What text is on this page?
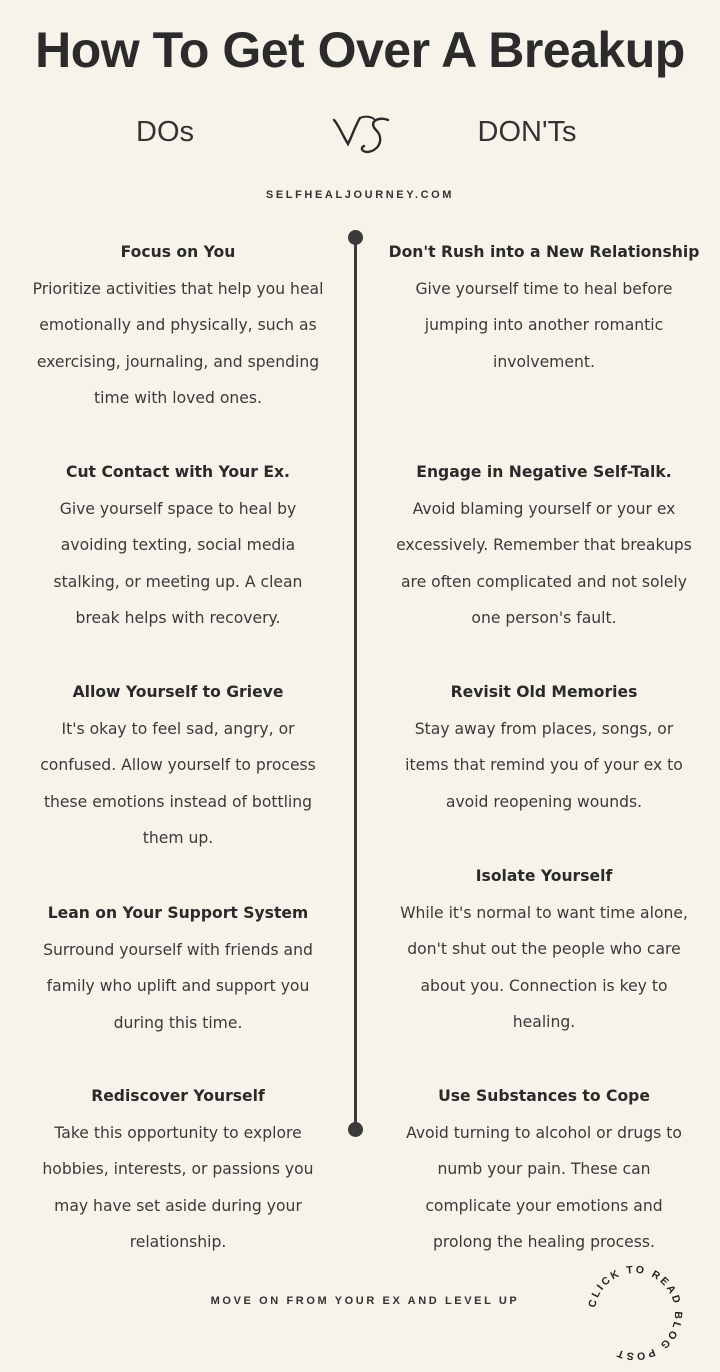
How To Get Over A Breakup
DOs	DON'Ts
SELFHEALJOURNEY.COM
Focus on You
Prioritize activities that help you heal
emotionally and physically, such as
exercising, journaling, and spending
time with loved ones.
Cut Contact with Your Ex.
Give yourself space to heal by
avoiding texting, social media
stalking, or meeting up. A clean
break helps with recovery.
Allow Yourself to Grieve
It's okay to feel sad, angry, or
confused. Allow yourself to process
these emotions instead of bottling
them up.
Lean on Your Support System
Surround yourself with friends and
family who uplift and support you
during this time.
Rediscover Yourself
Take this opportunity to explore
hobbies, interests, or passions you
may have set aside during your
relationship.
Don't Rush into a New Relationship
Give yourself time to heal before
jumping into another romantic
involvement.
Engage in Negative Self-Talk.
Avoid blaming yourself or your ex
excessively. Remember that breakups
are often complicated and not solely
one person's fault.
Revisit Old Memories
Stay away from places, songs, or
items that remind you of your ex to
avoid reopening wounds.
Isolate Yourself
While it's normal to want time alone,
don't shut out the people who care
about you. Connection is key to
healing.
Use Substances to Cope
Avoid turning to alcohol or drugs to
numb your pain. These can
complicate your emotions and
prolong the healing process.
MOVE ON FROM YOUR EX AND LEVEL UP	CLICK TO READ BLOG POST
